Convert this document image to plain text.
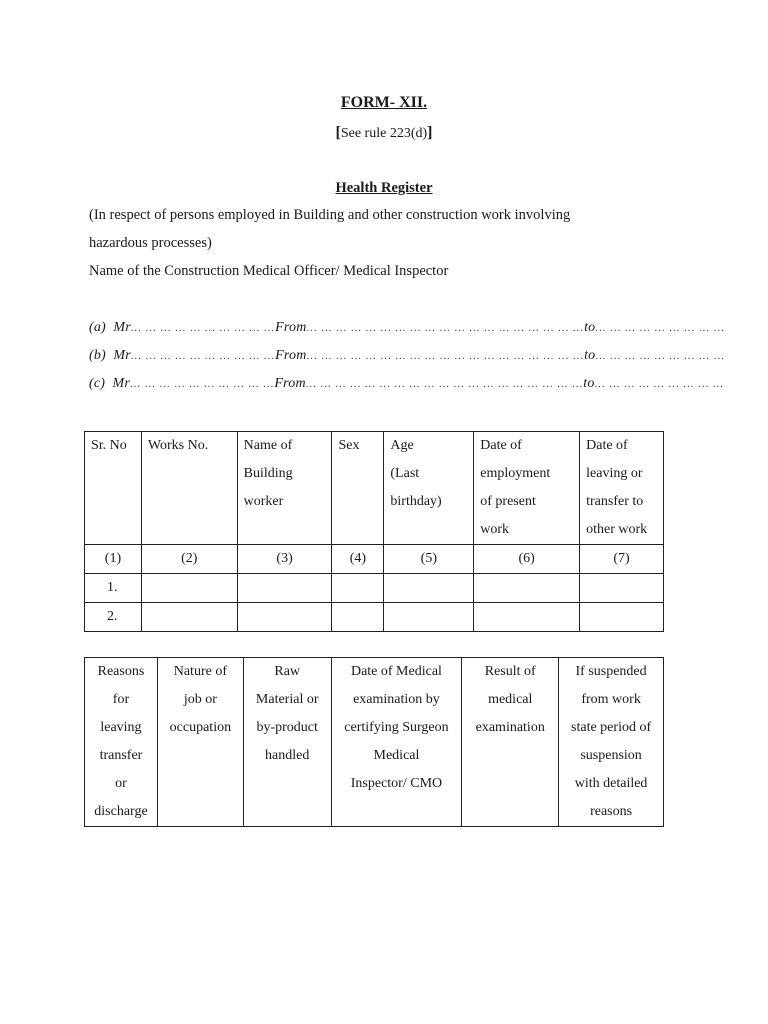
FORM- XII.
[See rule 223(d)]
Health Register
(In respect of persons employed in Building and other construction work involving
hazardous processes)
Name of the Construction Medical Officer/ Medical Inspector
(a) Mr... ... ... ... ... ... ... ... ... ...From... ... ... ... ... ... ... ... ... ... ... ... ... ... ... ... ... ... ...to... ... ... ... ... ... ... ... ...
(b) Mr... ... ... ... ... ... ... ... ... ...From... ... ... ... ... ... ... ... ... ... ... ... ... ... ... ... ... ... ...to... ... ... ... ... ... ... ... ...
(c) Mr... ... ... ... ... ... ... ... ... ...From... ... ... ... ... ... ... ... ... ... ... ... ... ... ... ... ... ... ...to... ... ... ... ... ... ... ... ...
Sr. No	Works No.	Name of
Building
worker	Sex	Age
(Last
birthday)	Date of
employment
of present
work	Date of
leaving or
transfer to
other work
(1)	(2)	(3)	(4)	(5)	(6)	(7)
1.						
2.						
Reasons
for
leaving
transfer
or
discharge	Nature of
job or
occupation	Raw
Material or
by-product
handled	Date of Medical
examination by
certifying Surgeon
Medical
Inspector/ CMO	Result of
medical
examination	If suspended
from work
state period of
suspension
with detailed
reasons
